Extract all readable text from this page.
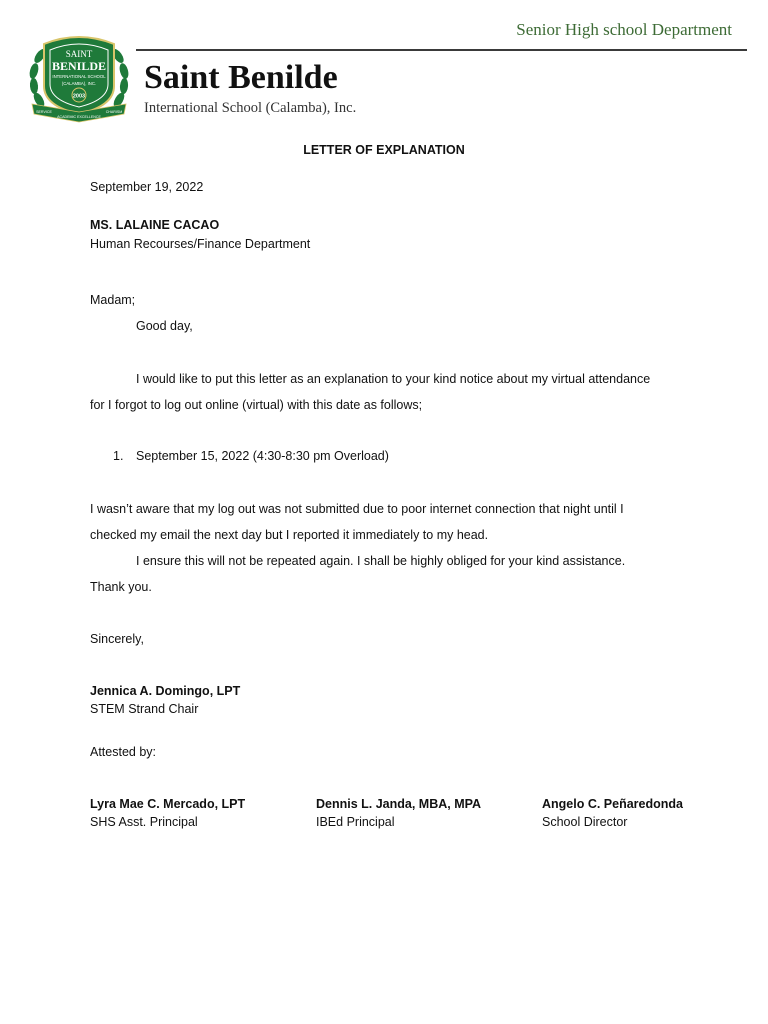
Senior High school Department
Saint Benilde
International School (Calamba), Inc.
SAINT
BENILDE
INTERNATIONAL SCHOOL
(CALAMBA), INC.
2003
SERVICE
ACADEMIC EXCELLENCE
CHARISM
LETTER OF EXPLANATION
September 19, 2022
MS. LALAINE CACAO
Human Recourses/Finance Department
Madam;
Good day,
I would like to put this letter as an explanation to your kind notice about my virtual attendance
for I forgot to log out online (virtual) with this date as follows;
1. September 15, 2022 (4:30-8:30 pm Overload)
I wasn’t aware that my log out was not submitted due to poor internet connection that night until I
checked my email the next day but I reported it immediately to my head.
I ensure this will not be repeated again. I shall be highly obliged for your kind assistance.
Thank you.
Sincerely,
Jennica A. Domingo, LPT
STEM Strand Chair
Attested by:
Lyra Mae C. Mercado, LPT
SHS Asst. Principal
Dennis L. Janda, MBA, MPA
IBEd Principal
Angelo C. Peñaredonda
School Director
